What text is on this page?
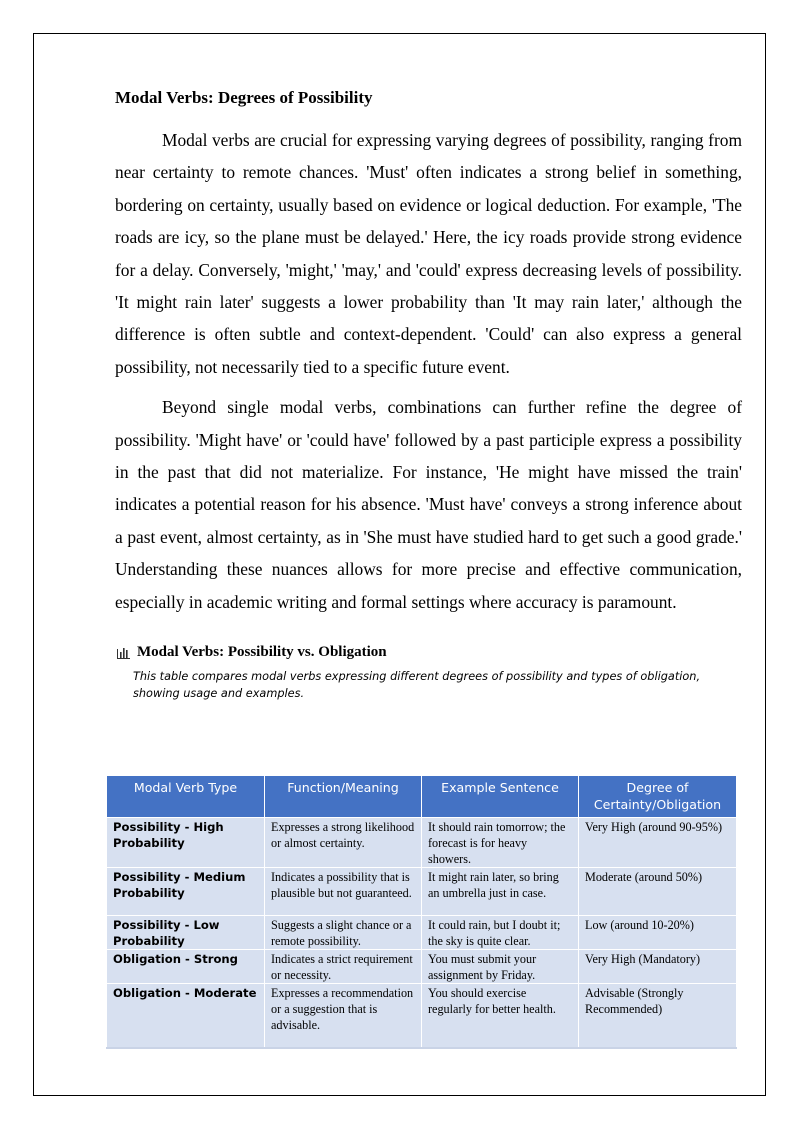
Modal Verbs: Degrees of Possibility

Modal verbs are crucial for expressing varying degrees of possibility, ranging from near certainty to remote chances. 'Must' often indicates a strong belief in something, bordering on certainty, usually based on evidence or logical deduction. For example, 'The roads are icy, so the plane must be delayed.' Here, the icy roads provide strong evidence for a delay. Conversely, 'might,' 'may,' and 'could' express decreasing levels of possibility. 'It might rain later' suggests a lower probability than 'It may rain later,' although the difference is often subtle and context-dependent. 'Could' can also express a general possibility, not necessarily tied to a specific future event.

Beyond single modal verbs, combinations can further refine the degree of possibility. 'Might have' or 'could have' followed by a past participle express a possibility in the past that did not materialize. For instance, 'He might have missed the train' indicates a potential reason for his absence. 'Must have' conveys a strong inference about a past event, almost certainty, as in 'She must have studied hard to get such a good grade.' Understanding these nuances allows for more precise and effective communication, especially in academic writing and formal settings where accuracy is paramount.

Modal Verbs: Possibility vs. Obligation
This table compares modal verbs expressing different degrees of possibility and types of obligation, showing usage and examples.
Modal Verb Type	Function/Meaning	Example Sentence	Degree of Certainty/Obligation
Possibility - High Probability	Expresses a strong likelihood or almost certainty.	It should rain tomorrow; the forecast is for heavy showers.	Very High (around 90-95%)
Possibility - Medium Probability	Indicates a possibility that is plausible but not guaranteed.	It might rain later, so bring an umbrella just in case.	Moderate (around 50%)
Possibility - Low Probability	Suggests a slight chance or a remote possibility.	It could rain, but I doubt it; the sky is quite clear.	Low (around 10-20%)
Obligation - Strong	Indicates a strict requirement or necessity.	You must submit your assignment by Friday.	Very High (Mandatory)
Obligation - Moderate	Expresses a recommendation or a suggestion that is advisable.	You should exercise regularly for better health.	Advisable (Strongly Recommended)
